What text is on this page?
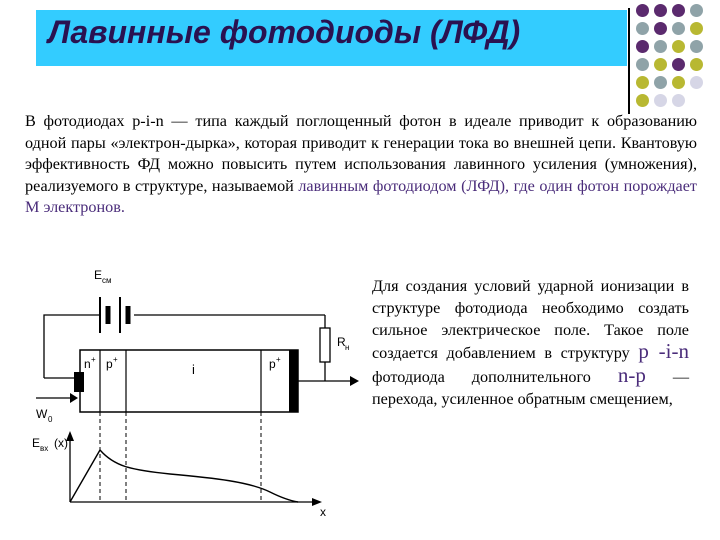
Лавинные фотодиоды (ЛФД)
В фотодиодах p-i-n — типа каждый поглощенный фотон в идеале приводит к образованию одной пары «электрон-дырка», которая приводит к генерации тока во внешней цепи. Квантовую эффективность ФД можно повысить путем использования лавинного усиления (умножения), реализуемого в структуре, называемой лавинным фотодиодом (ЛФД), где один фотон порождает М электронов.
Для создания условий ударной ионизации в структуре фотодиода необходимо создать сильное электрическое поле. Такое поле создается добавлением в структуру p -i-n фотодиода дополнительного n-p — перехода, усиленное обратным смещением,
E см
R н
n + p +
i	p +
W 0
E вх (x)
x
